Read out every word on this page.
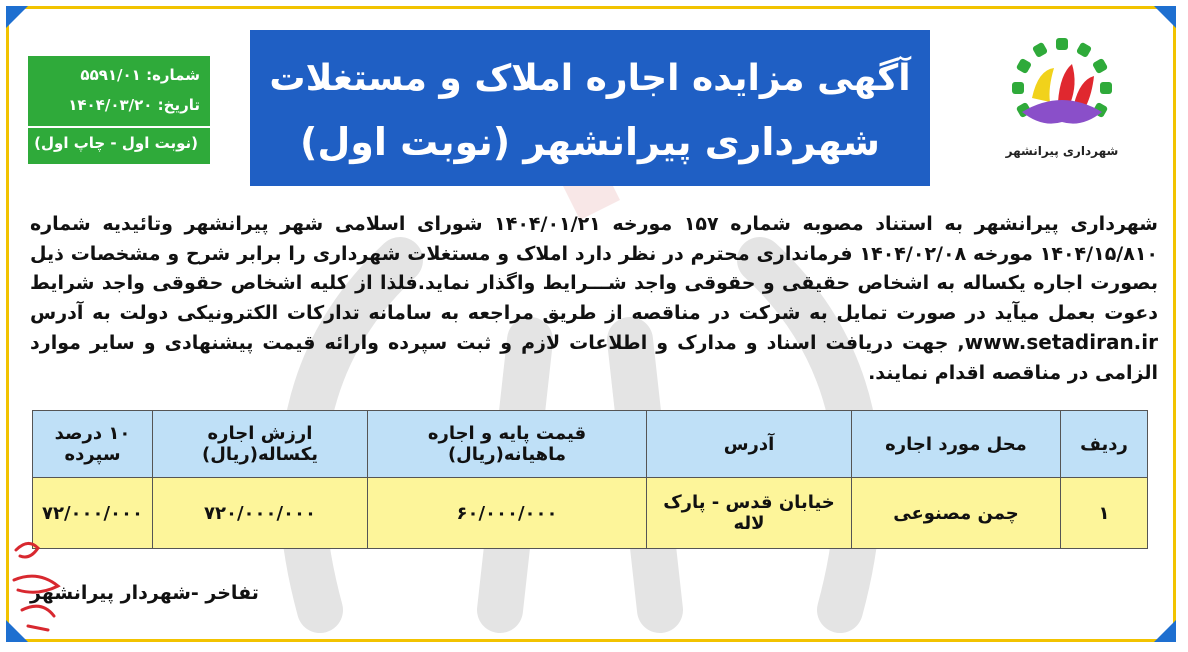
آگهی مزایده اجاره املاک و مستغلات
شهرداری پیرانشهر (نوبت اول)
شماره: ۵۵۹۱/۰۱
تاریخ: ۱۴۰۴/۰۳/۲۰
(نوبت اول - چاپ اول)	شهرداری پیرانشهر
شهرداری پیرانشهر به استناد مصوبه شماره ۱۵۷ مورخه ۱۴۰۴/۰۱/۲۱ شورای اسلامی شهر پیرانشهر وتائیدیه شماره ۱۴۰۴/۱۵/۸۱۰ مورخه ۱۴۰۴/۰۲/۰۸ فرمانداری محترم در نظر دارد املاک و مستغلات شهرداری را برابر شرح و مشخصات ذیل بصورت اجاره یکساله به اشخاص حقیقی و حقوقی واجد شـــرایط واگذار نماید.فلذا از کلیه اشخاص حقوقی واجد شرایط دعوت بعمل میآید در صورت تمایل به شرکت در مناقصه از طریق مراجعه به سامانه تدارکات الکترونیکی دولت به آدرس www.setadiran.ir, جهت دریافت اسناد و مدارک و اطلاعات لازم و ثبت سپرده وارائه قیمت پیشنهادی و سایر موارد الزامی در مناقصه اقدام نمایند.
ردیف	محل مورد اجاره	آدرس	قیمت پایه و اجاره ماهیانه(ریال)	ارزش اجاره یکساله(ریال)	۱۰ درصد سپرده
۱	چمن مصنوعی	خیابان قدس - پارک لاله	۶۰/۰۰۰/۰۰۰	۷۲۰/۰۰۰/۰۰۰	۷۲/۰۰۰/۰۰۰
تفاخر -شهردار پیرانشهر
